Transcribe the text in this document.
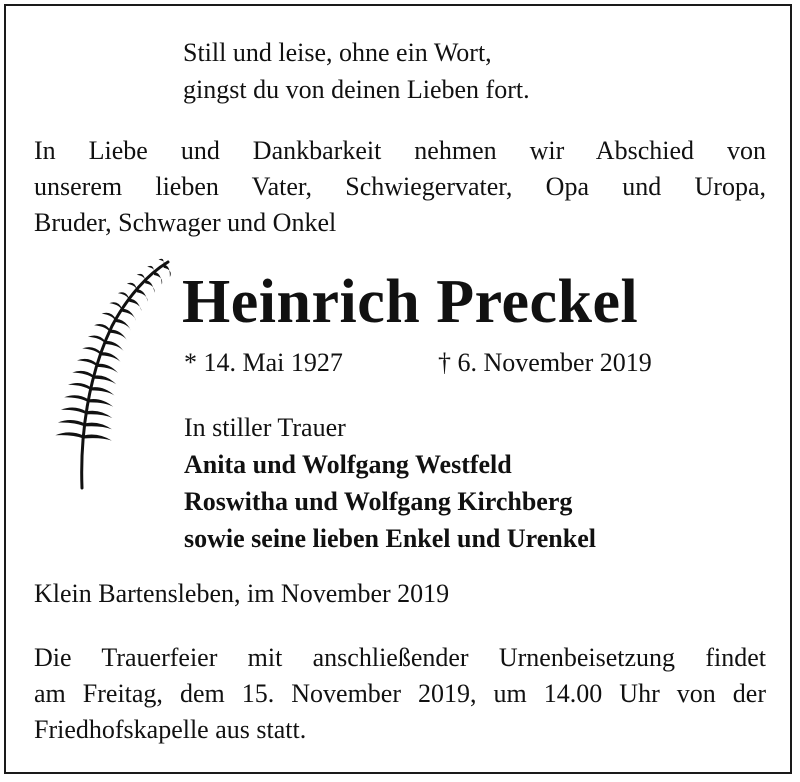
Still und leise, ohne ein Wort,
gingst du von deinen Lieben fort.
In Liebe und Dankbarkeit nehmen wir Abschied von
unserem lieben Vater, Schwiegervater, Opa und Uropa,
Bruder, Schwager und Onkel
Heinrich Preckel
* 14. Mai 1927	† 6. November 2019
In stiller Trauer
Anita und Wolfgang Westfeld
Roswitha und Wolfgang Kirchberg
sowie seine lieben Enkel und Urenkel
Klein Bartensleben, im November 2019
Die Trauerfeier mit anschließender Urnenbeisetzung findet
am Freitag, dem 15. November 2019, um 14.00 Uhr von der
Friedhofskapelle aus statt.
